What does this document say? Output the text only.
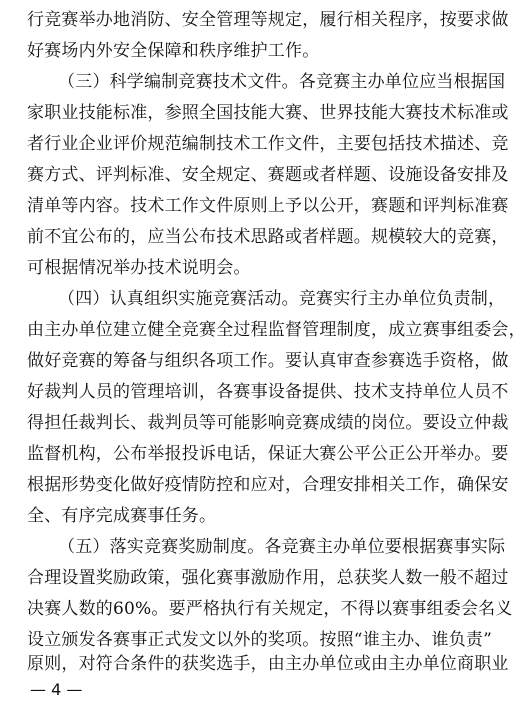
行竞赛举办地消防、安全管理等规定，履行相关程序，按要求做
好赛场内外安全保障和秩序维护工作。
（三）科学编制竞赛技术文件。各竞赛主办单位应当根据国
家职业技能标准，参照全国技能大赛、世界技能大赛技术标准或
者行业企业评价规范编制技术工作文件，主要包括技术描述、竞
赛方式、评判标准、安全规定、赛题或者样题、设施设备安排及
清单等内容。技术工作文件原则上予以公开，赛题和评判标准赛
前不宜公布的，应当公布技术思路或者样题。规模较大的竞赛，
可根据情况举办技术说明会。
（四）认真组织实施竞赛活动。竞赛实行主办单位负责制，
由主办单位建立健全竞赛全过程监督管理制度，成立赛事组委会，
做好竞赛的筹备与组织各项工作。要认真审查参赛选手资格，做
好裁判人员的管理培训，各赛事设备提供、技术支持单位人员不
得担任裁判长、裁判员等可能影响竞赛成绩的岗位。要设立仲裁
监督机构，公布举报投诉电话，保证大赛公平公正公开举办。要
根据形势变化做好疫情防控和应对，合理安排相关工作，确保安
全、有序完成赛事任务。
（五）落实竞赛奖励制度。各竞赛主办单位要根据赛事实际
合理设置奖励政策，强化赛事激励作用，总获奖人数一般不超过
决赛人数的60%。要严格执行有关规定，不得以赛事组委会名义
设立颁发各赛事正式发文以外的奖项。按照“谁主办、谁负责”
原则，对符合条件的获奖选手，由主办单位或由主办单位商职业
— 4 —
